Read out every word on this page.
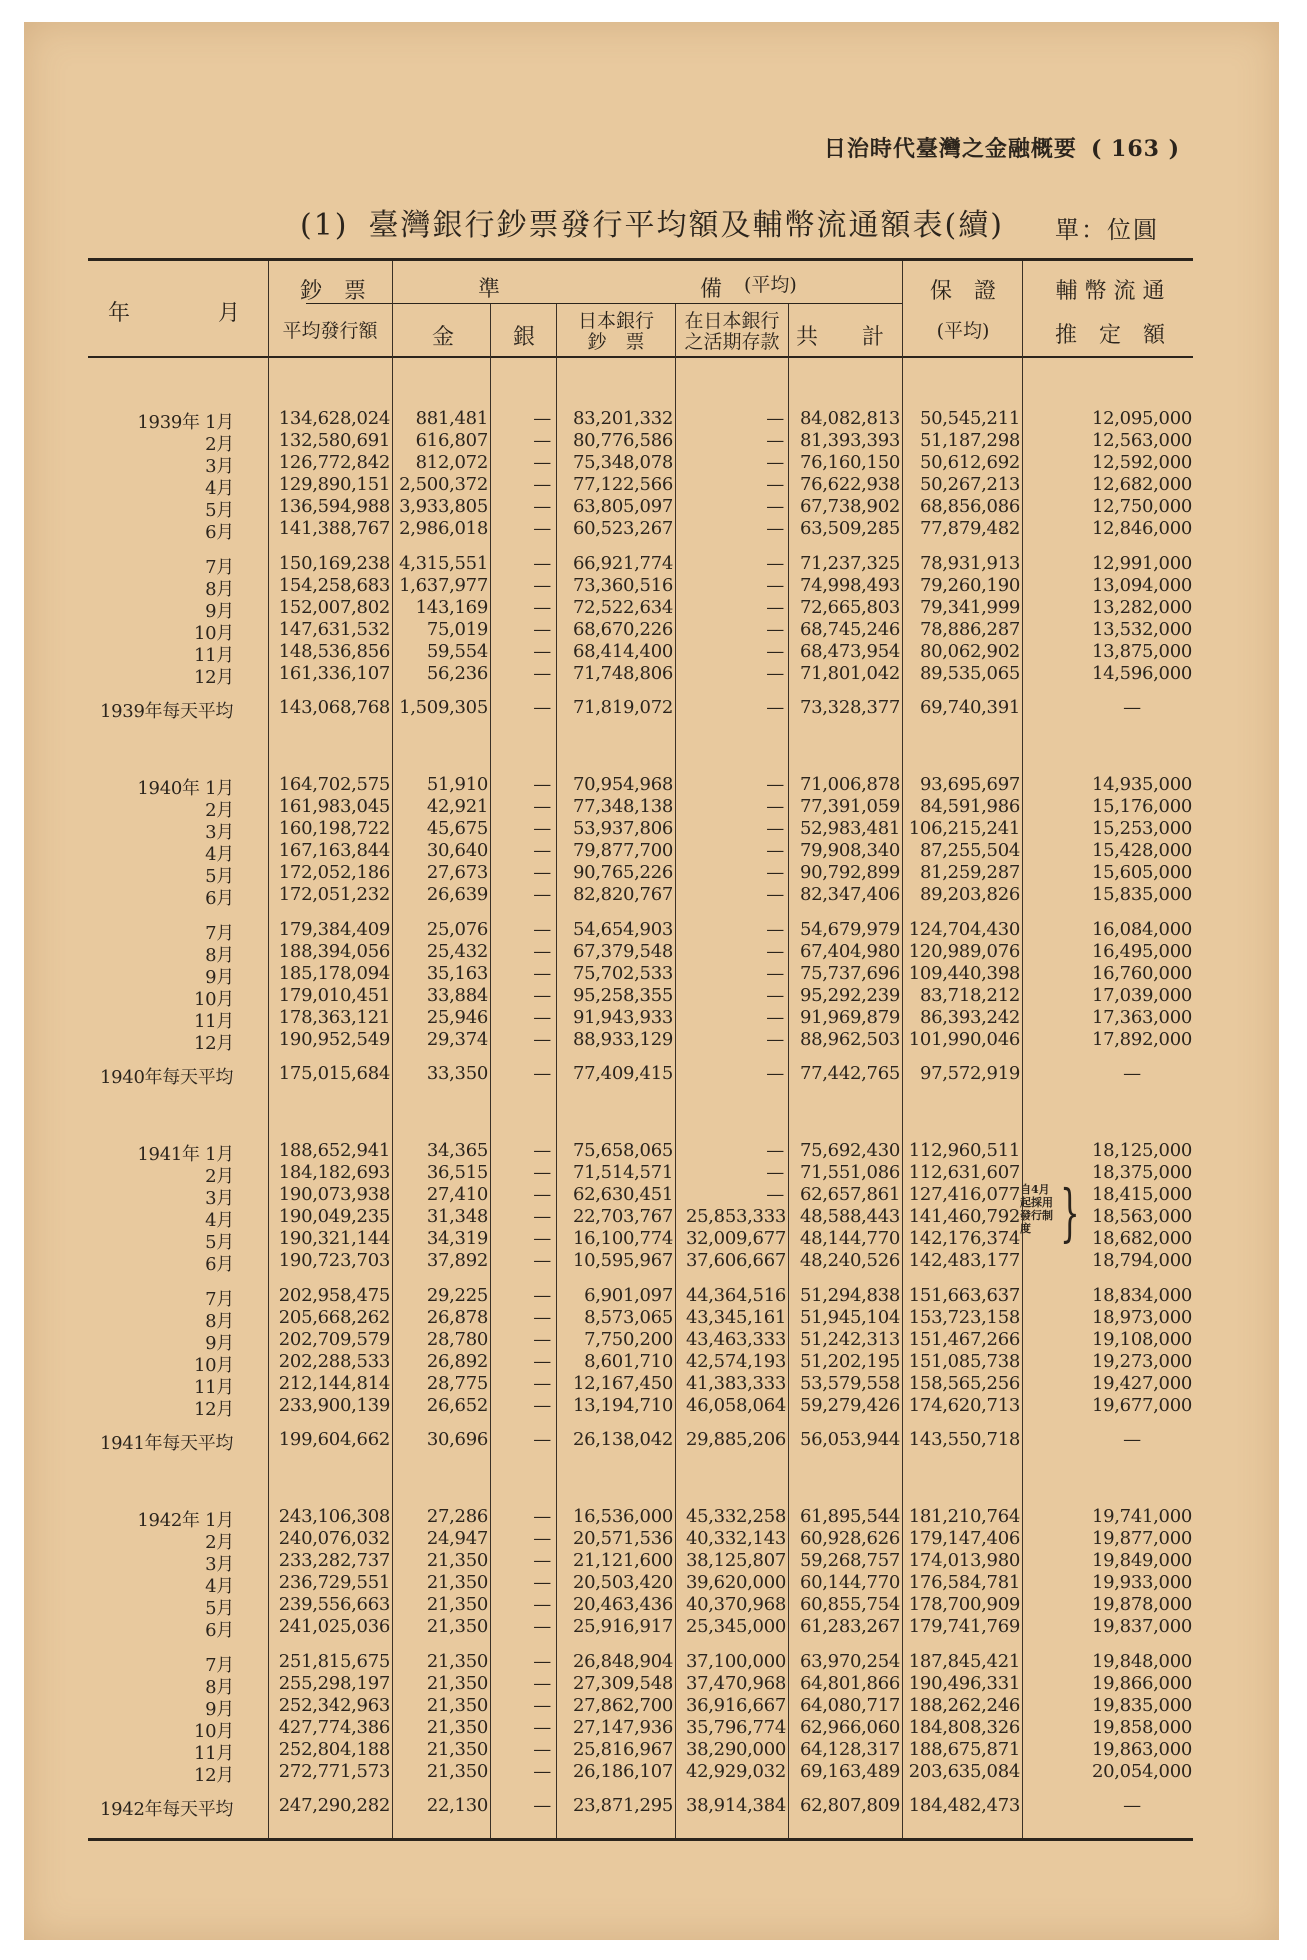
日治時代臺灣之金融概要 ( 163 )
(1) 臺灣銀行鈔票發行平均額及輔幣流通額表(續) 單：位圓
年	月
鈔　票
平均發行額
準	備 (平均)
金	銀
日本銀行
鈔　票
在日本銀行
之活期存款 共 計
保　證
(平均)
輔 幣 流 通
推　定　額
1939年 1月	134,628,024	881,481	—	83,201,332	— 84,082,813	50,545,211	12,095,000
2月	132,580,691	616,807	—	80,776,586	— 81,393,393	51,187,298	12,563,000
3月	126,772,842	812,072	—	75,348,078	— 76,160,150	50,612,692	12,592,000
4月	129,890,151 2,500,372	—	77,122,566	— 76,622,938	50,267,213	12,682,000
5月	136,594,988 3,933,805	—	63,805,097	— 67,738,902	68,856,086	12,750,000
6月	141,388,767 2,986,018	—	60,523,267	— 63,509,285	77,879,482	12,846,000
7月	150,169,238 4,315,551	—	66,921,774	— 71,237,325	78,931,913	12,991,000
8月	154,258,683 1,637,977	—	73,360,516	— 74,998,493	79,260,190	13,094,000
9月	152,007,802	143,169	—	72,522,634	— 72,665,803	79,341,999	13,282,000
10月	147,631,532	75,019	—	68,670,226	— 68,745,246	78,886,287	13,532,000
11月	148,536,856	59,554	—	68,414,400	— 68,473,954	80,062,902	13,875,000
12月	161,336,107	56,236	—	71,748,806	— 71,801,042	89,535,065	14,596,000
1939年每天平均	143,068,768 1,509,305	—	71,819,072	— 73,328,377	69,740,391	—
1940年 1月	164,702,575	51,910	—	70,954,968	— 71,006,878	93,695,697	14,935,000
2月	161,983,045	42,921	—	77,348,138	— 77,391,059	84,591,986	15,176,000
3月	160,198,722	45,675	—	53,937,806	— 52,983,481 106,215,241	15,253,000
4月	167,163,844	30,640	—	79,877,700	— 79,908,340	87,255,504	15,428,000
5月	172,052,186	27,673	—	90,765,226	— 90,792,899	81,259,287	15,605,000
6月	172,051,232	26,639	—	82,820,767	— 82,347,406	89,203,826	15,835,000
7月	179,384,409	25,076	—	54,654,903	— 54,679,979 124,704,430	16,084,000
8月	188,394,056	25,432	—	67,379,548	— 67,404,980 120,989,076	16,495,000
9月	185,178,094	35,163	—	75,702,533	— 75,737,696 109,440,398	16,760,000
10月	179,010,451	33,884	—	95,258,355	— 95,292,239	83,718,212	17,039,000
11月	178,363,121	25,946	—	91,943,933	— 91,969,879	86,393,242	17,363,000
12月	190,952,549	29,374	—	88,933,129	— 88,962,503 101,990,046	17,892,000
1940年每天平均	175,015,684	33,350	—	77,409,415	— 77,442,765	97,572,919	—
1941年 1月	188,652,941	34,365	—	75,658,065	— 75,692,430 112,960,511	18,125,000
2月	184,182,693	36,515	—	71,514,571	— 71,551,086 112,631,607	18,375,000
3月	190,073,938	27,410	—	62,630,451	— 62,657,861 127,416,077	18,415,000
4月	190,049,235	31,348	—	22,703,767 25,853,333 48,588,443 141,460,792	18,563,000
5月	190,321,144	34,319	—	16,100,774 32,009,677 48,144,770 142,176,374	18,682,000
6月	190,723,703	37,892	—	10,595,967 37,606,667 48,240,526 142,483,177	18,794,000
7月	202,958,475	29,225	—	6,901,097 44,364,516 51,294,838 151,663,637	18,834,000
8月	205,668,262	26,878	—	8,573,065 43,345,161 51,945,104 153,723,158	18,973,000
9月	202,709,579	28,780	—	7,750,200 43,463,333 51,242,313 151,467,266	19,108,000
10月	202,288,533	26,892	—	8,601,710 42,574,193 51,202,195 151,085,738	19,273,000
11月	212,144,814	28,775	—	12,167,450 41,383,333 53,579,558 158,565,256	19,427,000
12月	233,900,139	26,652	—	13,194,710 46,058,064 59,279,426 174,620,713	19,677,000
1941年每天平均	199,604,662	30,696	—	26,138,042 29,885,206 56,053,944 143,550,718	—
1942年 1月	243,106,308	27,286	—	16,536,000 45,332,258 61,895,544 181,210,764	19,741,000
2月	240,076,032	24,947	—	20,571,536 40,332,143 60,928,626 179,147,406	19,877,000
3月	233,282,737	21,350	—	21,121,600 38,125,807 59,268,757 174,013,980	19,849,000
4月	236,729,551	21,350	—	20,503,420 39,620,000 60,144,770 176,584,781	19,933,000
5月	239,556,663	21,350	—	20,463,436 40,370,968 60,855,754 178,700,909	19,878,000
6月	241,025,036	21,350	—	25,916,917 25,345,000 61,283,267 179,741,769	19,837,000
7月	251,815,675	21,350	—	26,848,904 37,100,000 63,970,254 187,845,421	19,848,000
8月	255,298,197	21,350	—	27,309,548 37,470,968 64,801,866 190,496,331	19,866,000
9月	252,342,963	21,350	—	27,862,700 36,916,667 64,080,717 188,262,246	19,835,000
10月	427,774,386	21,350	—	27,147,936 35,796,774 62,966,060 184,808,326	19,858,000
11月	252,804,188	21,350	—	25,816,967 38,290,000 64,128,317 188,675,871	19,863,000
12月	272,771,573	21,350	—	26,186,107 42,929,032 69,163,489 203,635,084	20,054,000
1942年每天平均	247,290,282	22,130	—	23,871,295 38,914,384 62,807,809 184,482,473	—
自4月起採用發行制度 }
